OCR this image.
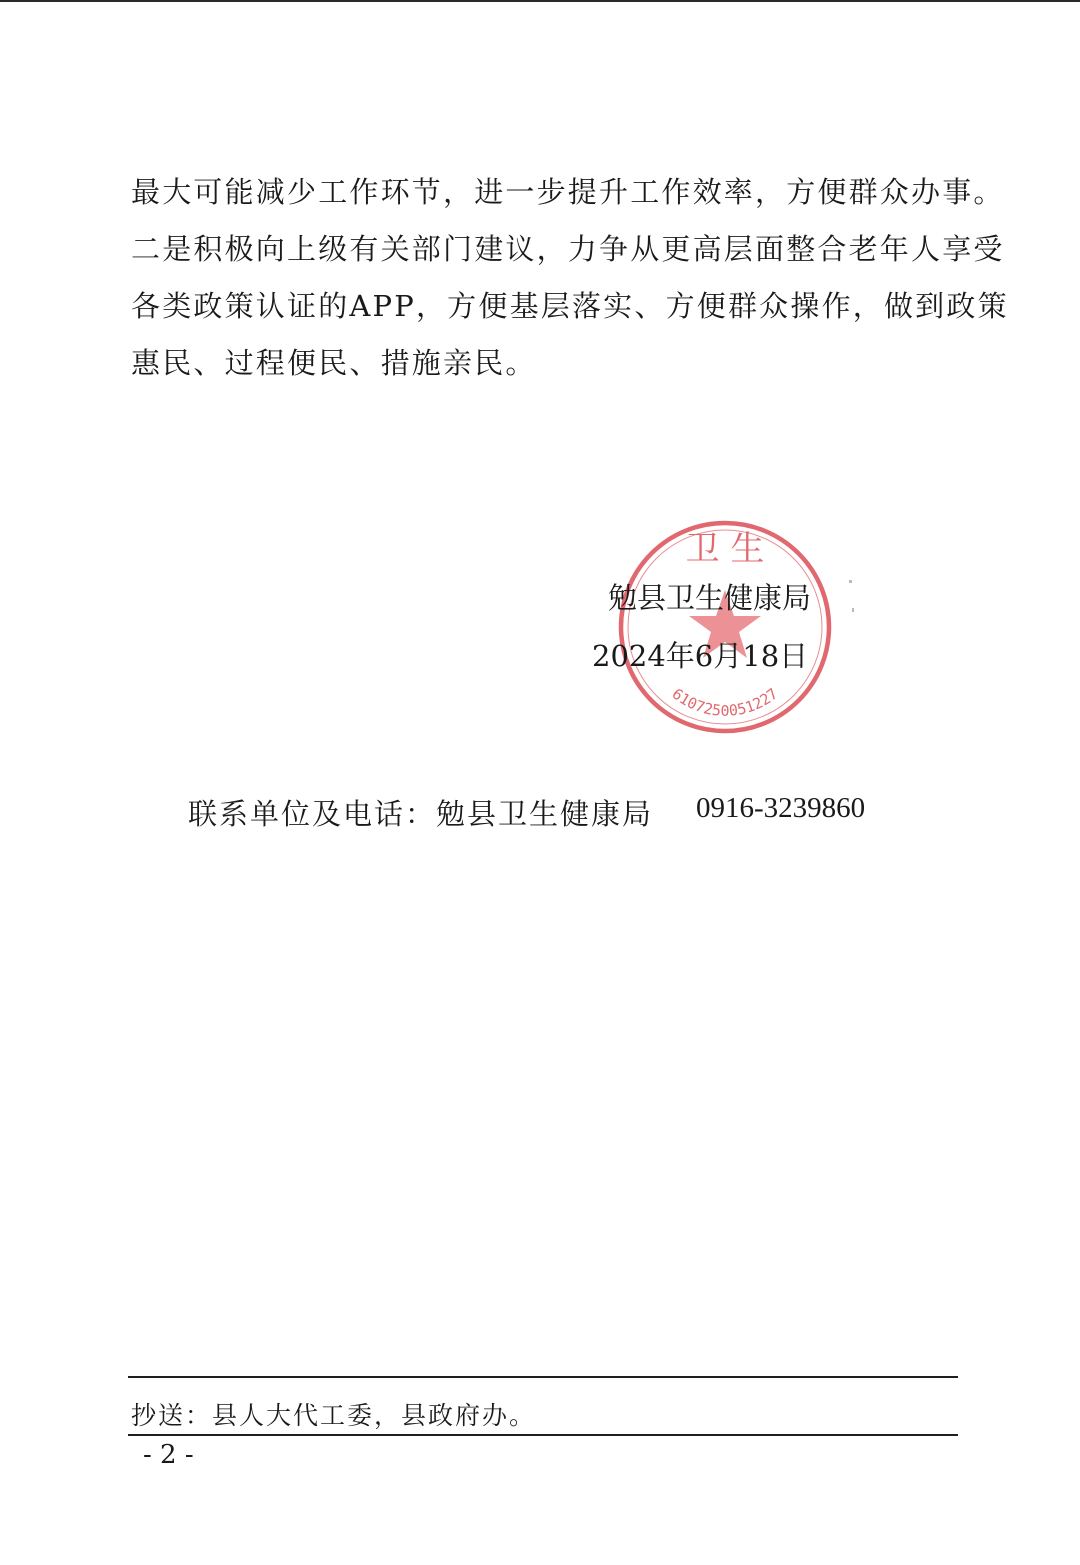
最大可能减少工作环节，进一步提升工作效率，方便群众办事。
二是积极向上级有关部门建议，力争从更高层面整合老年人享受
各类政策认证的APP，方便基层落实、方便群众操作，做到政策
惠民、过程便民、措施亲民。
卫 生
6107250051227
勉县卫生健康局
2024年6月18日
联系单位及电话：勉县卫生健康局 0916-3239860
抄送：县人大代工委，县政府办。
- 2 -
